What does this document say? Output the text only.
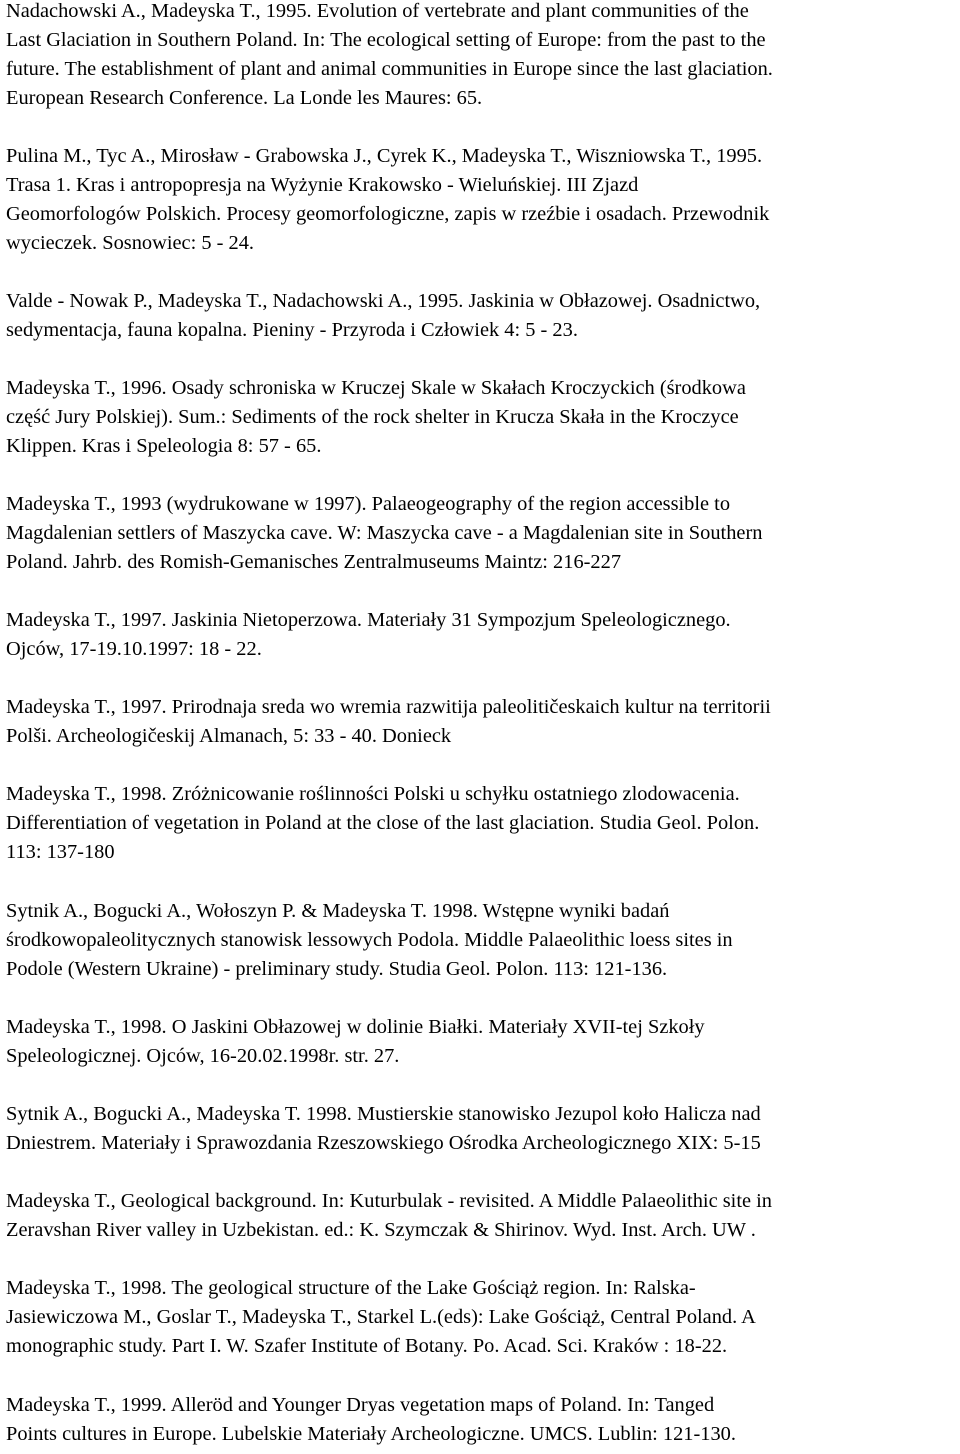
Nadachowski A., Madeyska T., 1995. Evolution of vertebrate and plant communities of the
Last Glaciation in Southern Poland. In: The ecological setting of Europe: from the past to the
future. The establishment of plant and animal communities in Europe since the last glaciation.
European Research Conference. La Londe les Maures: 65.

Pulina M., Tyc A., Mirosław - Grabowska J., Cyrek K., Madeyska T., Wiszniowska T., 1995.
Trasa 1. Kras i antropopresja na Wyżynie Krakowsko - Wieluńskiej. III Zjazd
Geomorfologów Polskich. Procesy geomorfologiczne, zapis w rzeźbie i osadach. Przewodnik
wycieczek. Sosnowiec: 5 - 24.

Valde - Nowak P., Madeyska T., Nadachowski A., 1995. Jaskinia w Obłazowej. Osadnictwo,
sedymentacja, fauna kopalna. Pieniny - Przyroda i Człowiek 4: 5 - 23.

Madeyska T., 1996. Osady schroniska w Kruczej Skale w Skałach Kroczyckich (środkowa
część Jury Polskiej). Sum.: Sediments of the rock shelter in Krucza Skała in the Kroczyce
Klippen. Kras i Speleologia 8: 57 - 65.

Madeyska T., 1993 (wydrukowane w 1997). Palaeogeography of the region accessible to
Magdalenian settlers of Maszycka cave. W: Maszycka cave - a Magdalenian site in Southern
Poland. Jahrb. des Romish-Gemanisches Zentralmuseums Maintz: 216-227

Madeyska T., 1997. Jaskinia Nietoperzowa. Materiały 31 Sympozjum Speleologicznego.
Ojców, 17-19.10.1997: 18 - 22.

Madeyska T., 1997. Prirodnaja sreda wo wremia razwitija paleolitičeskaich kultur na territorii
Polši. Archeologičeskij Almanach, 5: 33 - 40. Donieck

Madeyska T., 1998. Zróżnicowanie roślinności Polski u schyłku ostatniego zlodowacenia.
Differentiation of vegetation in Poland at the close of the last glaciation. Studia Geol. Polon.
113: 137-180

Sytnik A., Bogucki A., Wołoszyn P. & Madeyska T. 1998. Wstępne wyniki badań
środkowopaleolitycznych stanowisk lessowych Podola. Middle Palaeolithic loess sites in
Podole (Western Ukraine) - preliminary study. Studia Geol. Polon. 113: 121-136.

Madeyska T., 1998. O Jaskini Obłazowej w dolinie Białki. Materiały XVII-tej Szkoły
Speleologicznej. Ojców, 16-20.02.1998r. str. 27.

Sytnik A., Bogucki A., Madeyska T. 1998. Mustierskie stanowisko Jezupol koło Halicza nad
Dniestrem. Materiały i Sprawozdania Rzeszowskiego Ośrodka Archeologicznego XIX: 5-15

Madeyska T., Geological background. In: Kuturbulak - revisited. A Middle Palaeolithic site in
Zeravshan River valley in Uzbekistan. ed.: K. Szymczak & Shirinov. Wyd. Inst. Arch. UW .

Madeyska T., 1998. The geological structure of the Lake Gościąż region. In: Ralska-
Jasiewiczowa M., Goslar T., Madeyska T., Starkel L.(eds): Lake Gościąż, Central Poland. A
monographic study. Part I. W. Szafer Institute of Botany. Po. Acad. Sci. Kraków : 18-22.

Madeyska T., 1999. Alleröd and Younger Dryas vegetation maps of Poland. In: Tanged
Points cultures in Europe. Lubelskie Materiały Archeologiczne. UMCS. Lublin: 121-130.
